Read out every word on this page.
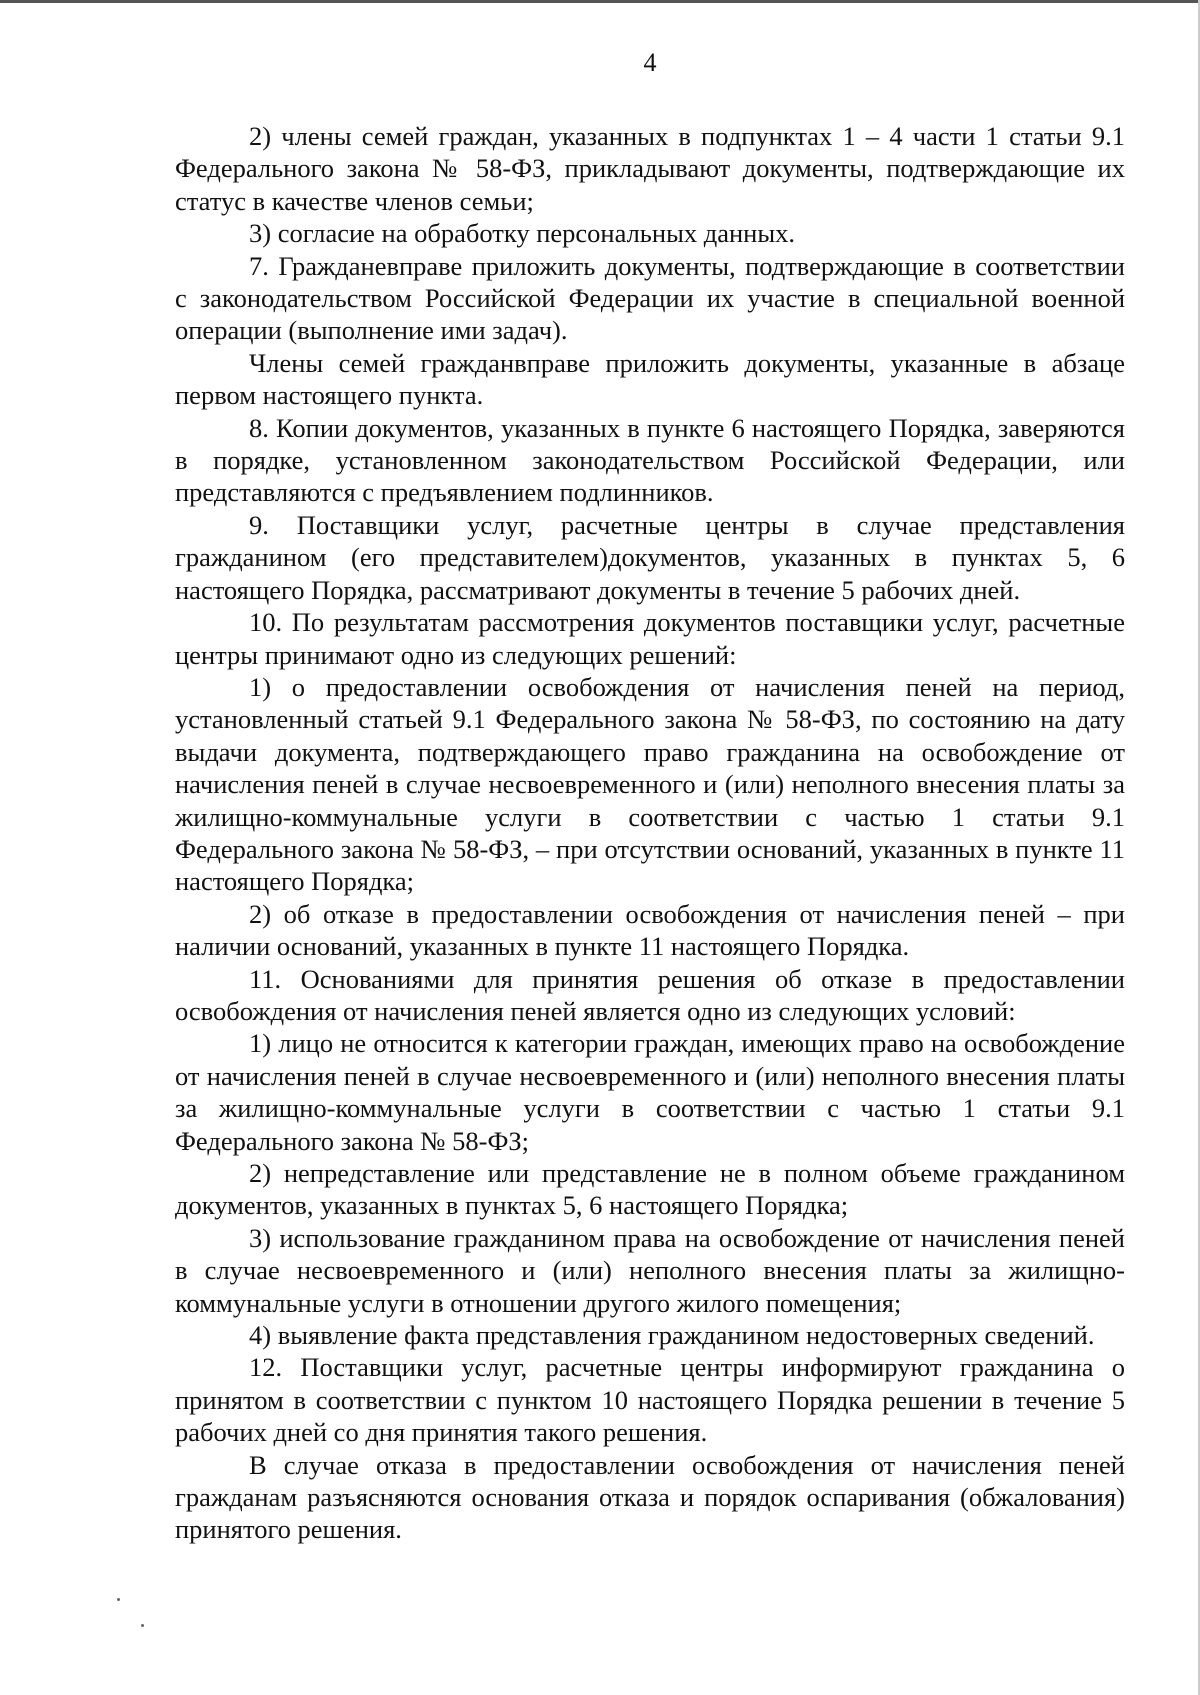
4

2) члены семей граждан, указанных в подпунктах 1 – 4 части 1 статьи 9.1 Федерального закона № 58-ФЗ, прикладывают документы, подтверждающие их статус в качестве членов семьи;

3) согласие на обработку персональных данных.

7. Гражданевправе приложить документы, подтверждающие в соответствии с законодательством Российской Федерации их участие в специальной военной операции (выполнение ими задач).

Члены семей гражданвправе приложить документы, указанные в абзаце первом настоящего пункта.

8. Копии документов, указанных в пункте 6 настоящего Порядка, заверяются в порядке, установленном законодательством Российской Федерации, или представляются с предъявлением подлинников.

9. Поставщики услуг, расчетные центры в случае представления гражданином (его представителем)документов, указанных в пунктах 5, 6 настоящего Порядка, рассматривают документы в течение 5 рабочих дней.

10. По результатам рассмотрения документов поставщики услуг, расчетные центры принимают одно из следующих решений:

1) о предоставлении освобождения от начисления пеней на период, установленный статьей 9.1 Федерального закона № 58-ФЗ, по состоянию на дату выдачи документа, подтверждающего право гражданина на освобождение от начисления пеней в случае несвоевременного и (или) неполного внесения платы за жилищно-коммунальные услуги в соответствии с частью 1 статьи 9.1 Федерального закона № 58-ФЗ, – при отсутствии оснований, указанных в пункте 11 настоящего Порядка;

2) об отказе в предоставлении освобождения от начисления пеней – при наличии оснований, указанных в пункте 11 настоящего Порядка.

11. Основаниями для принятия решения об отказе в предоставлении освобождения от начисления пеней является одно из следующих условий:

1) лицо не относится к категории граждан, имеющих право на освобождение от начисления пеней в случае несвоевременного и (или) неполного внесения платы за жилищно-коммунальные услуги в соответствии с частью 1 статьи 9.1 Федерального закона № 58-ФЗ;

2) непредставление или представление не в полном объеме гражданином документов, указанных в пунктах 5, 6 настоящего Порядка;

3) использование гражданином права на освобождение от начисления пеней в случае несвоевременного и (или) неполного внесения платы за жилищно-коммунальные услуги в отношении другого жилого помещения;

4) выявление факта представления гражданином недостоверных сведений.

12. Поставщики услуг, расчетные центры информируют гражданина о принятом в соответствии с пунктом 10 настоящего Порядка решении в течение 5 рабочих дней со дня принятия такого решения.

В случае отказа в предоставлении освобождения от начисления пеней гражданам разъясняются основания отказа и порядок оспаривания (обжалования) принятого решения.
